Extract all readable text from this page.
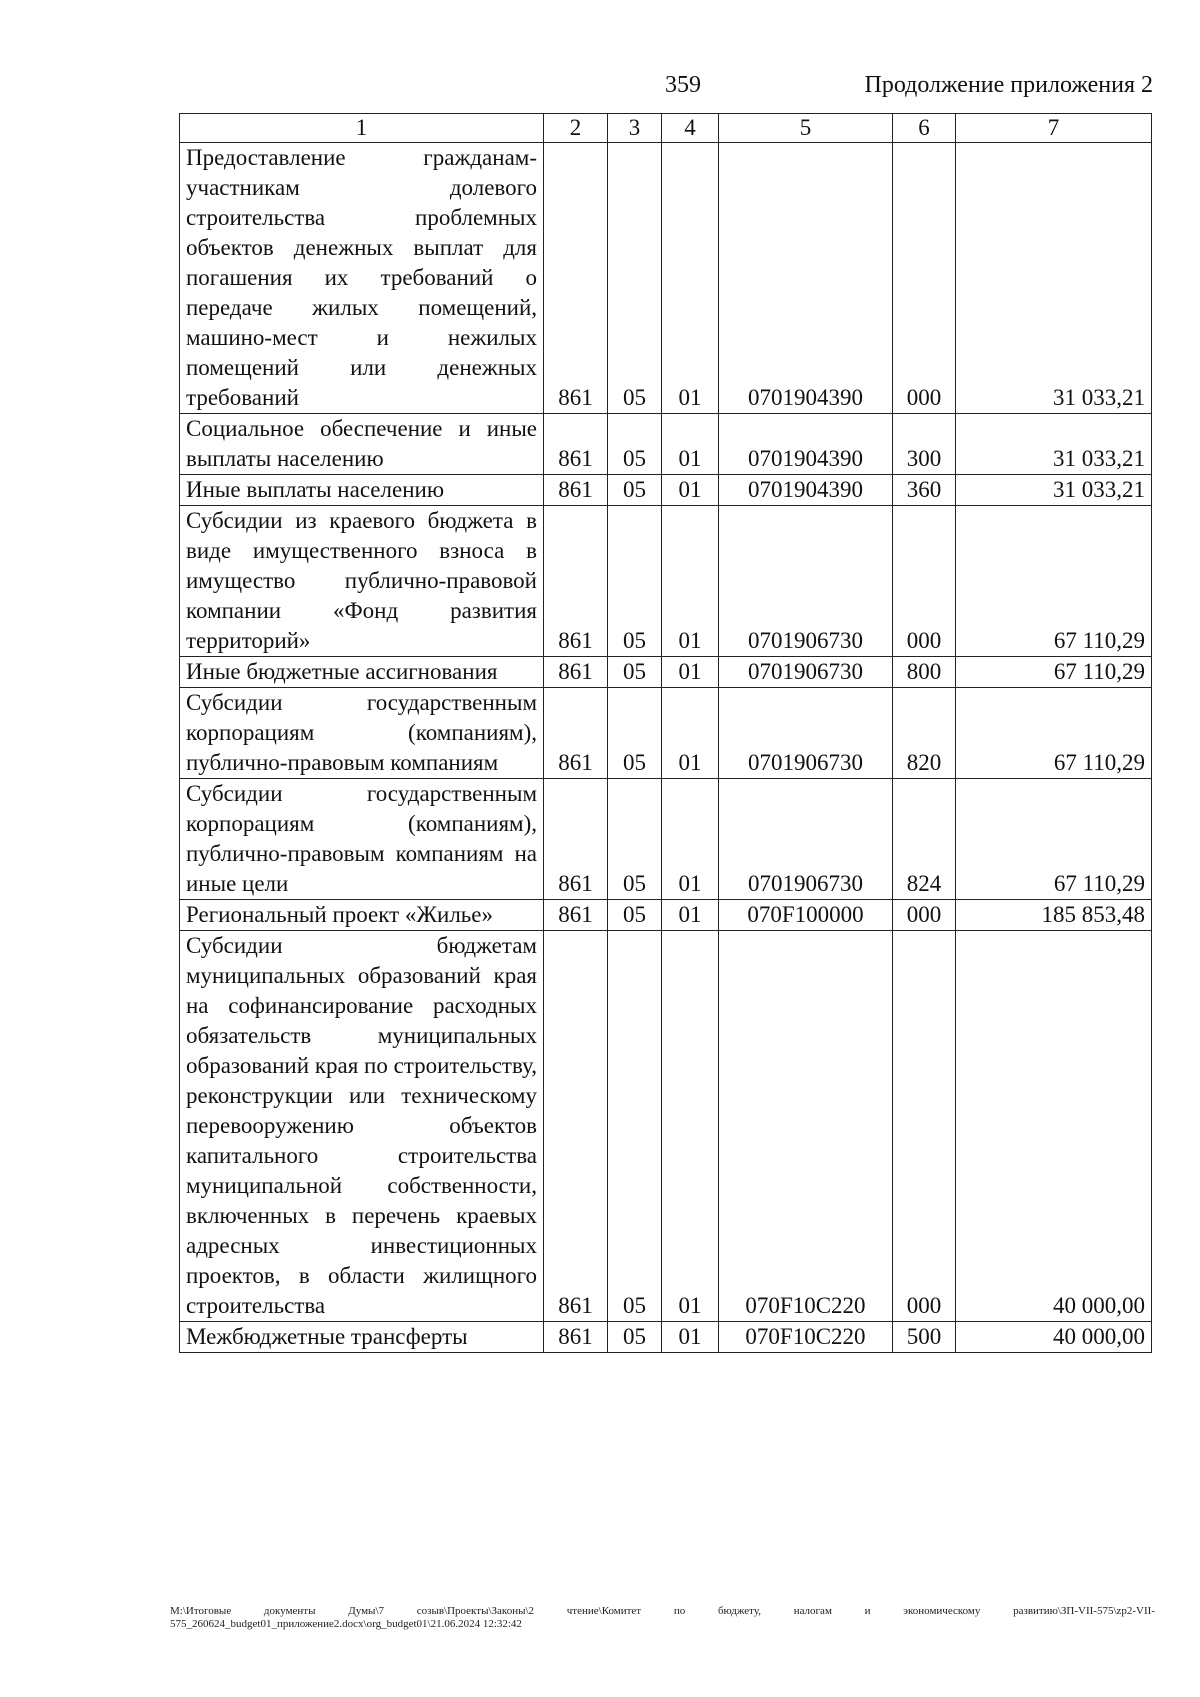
359	Продолжение приложения 2
1	2	3	4	5	6	7
Предоставление гражданам-участникам долевого строительства проблемных объектов денежных выплат для погашения их требований о передаче жилых помещений, машино-мест и нежилых помещений или денежных требований	861	05	01	0701904390	000	31 033,21
Социальное обеспечение и иные выплаты населению	861	05	01	0701904390	300	31 033,21
Иные выплаты населению	861	05	01	0701904390	360	31 033,21
Субсидии из краевого бюджета в виде имущественного взноса в имущество публично-правовой компании «Фонд развития территорий»	861	05	01	0701906730	000	67 110,29
Иные бюджетные ассигнования	861	05	01	0701906730	800	67 110,29
Субсидии государственным корпорациям (компаниям), публично-правовым компаниям	861	05	01	0701906730	820	67 110,29
Субсидии государственным корпорациям (компаниям), публично-правовым компаниям на иные цели	861	05	01	0701906730	824	67 110,29
Региональный проект «Жилье»	861	05	01	070F100000	000	185 853,48
Субсидии бюджетам муниципальных образований края на софинансирование расходных обязательств муниципальных образований края по строительству, реконструкции или техническому перевооружению объектов капитального строительства муниципальной собственности, включенных в перечень краевых адресных инвестиционных проектов, в области жилищного строительства	861	05	01	070F10C220	000	40 000,00
Межбюджетные трансферты	861	05	01	070F10C220	500	40 000,00
M:\Итоговые документы Думы\7 созыв\Проекты\Законы\2 чтение\Комитет по бюджету, налогам и экономическому развитию\ЗП-VII-575\zp2-VII-575_260624_budget01_приложение2.docx\org_budget01\21.06.2024 12:32:42
